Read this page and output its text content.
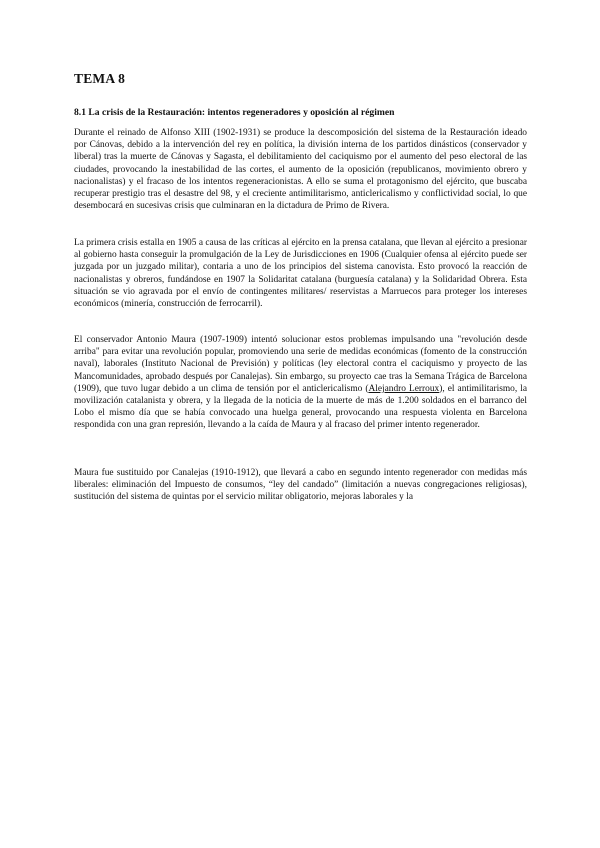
TEMA 8
8.1 La crisis de la Restauración: intentos regeneradores y oposición al régimen

Durante el reinado de Alfonso XIII (1902-1931) se produce la descomposición del sistema de la Restauración ideado por Cánovas, debido a la intervención del rey en política, la división interna de los partidos dinásticos (conservador y liberal) tras la muerte de Cánovas y Sagasta, el debilitamiento del caciquismo por el aumento del peso electoral de las ciudades, provocando la inestabilidad de las cortes, el aumento de la oposición (republicanos, movimiento obrero y nacionalistas) y el fracaso de los intentos regeneracionistas. A ello se suma el protagonismo del ejército, que buscaba recuperar prestigio tras el desastre del 98, y el creciente antimilitarismo, anticlericalismo y conflictividad social, lo que desembocará en sucesivas crisis que culminaran en la dictadura de Primo de Rivera.

La primera crisis estalla en 1905 a causa de las críticas al ejército en la prensa catalana, que llevan al ejército a presionar al gobierno hasta conseguir la promulgación de la Ley de Jurisdicciones en 1906 (Cualquier ofensa al ejército puede ser juzgada por un juzgado militar), contaria a uno de los principios del sistema canovista. Esto provocó la reacción de nacionalistas y obreros, fundándose en 1907 la Solidaritat catalana (burguesía catalana) y la Solidaridad Obrera. Esta situación se vio agravada por el envío de contingentes militares/ reservistas a Marruecos para proteger los intereses económicos (minería, construcción de ferrocarril).

El conservador Antonio Maura (1907-1909) intentó solucionar estos problemas impulsando una "revolución desde arriba" para evitar una revolución popular, promoviendo una serie de medidas económicas (fomento de la construcción naval), laborales (Instituto Nacional de Previsión) y políticas (ley electoral contra el caciquismo y proyecto de las Mancomunidades, aprobado después por Canalejas). Sin embargo, su proyecto cae tras la Semana Trágica de Barcelona (1909), que tuvo lugar debido a un clima de tensión por el anticlericalismo (Alejandro Lerroux), el antimilitarismo, la movilización catalanista y obrera, y la llegada de la noticia de la muerte de más de 1.200 soldados en el barranco del Lobo el mismo día que se había convocado una huelga general, provocando una respuesta violenta en Barcelona respondida con una gran represión, llevando a la caída de Maura y al fracaso del primer intento regenerador.

Maura fue sustituido por Canalejas (1910-1912), que llevará a cabo en segundo intento regenerador con medidas más liberales: eliminación del Impuesto de consumos, “ley del candado” (limitación a nuevas congregaciones religiosas), sustitución del sistema de quintas por el servicio militar obligatorio, mejoras laborales y la
